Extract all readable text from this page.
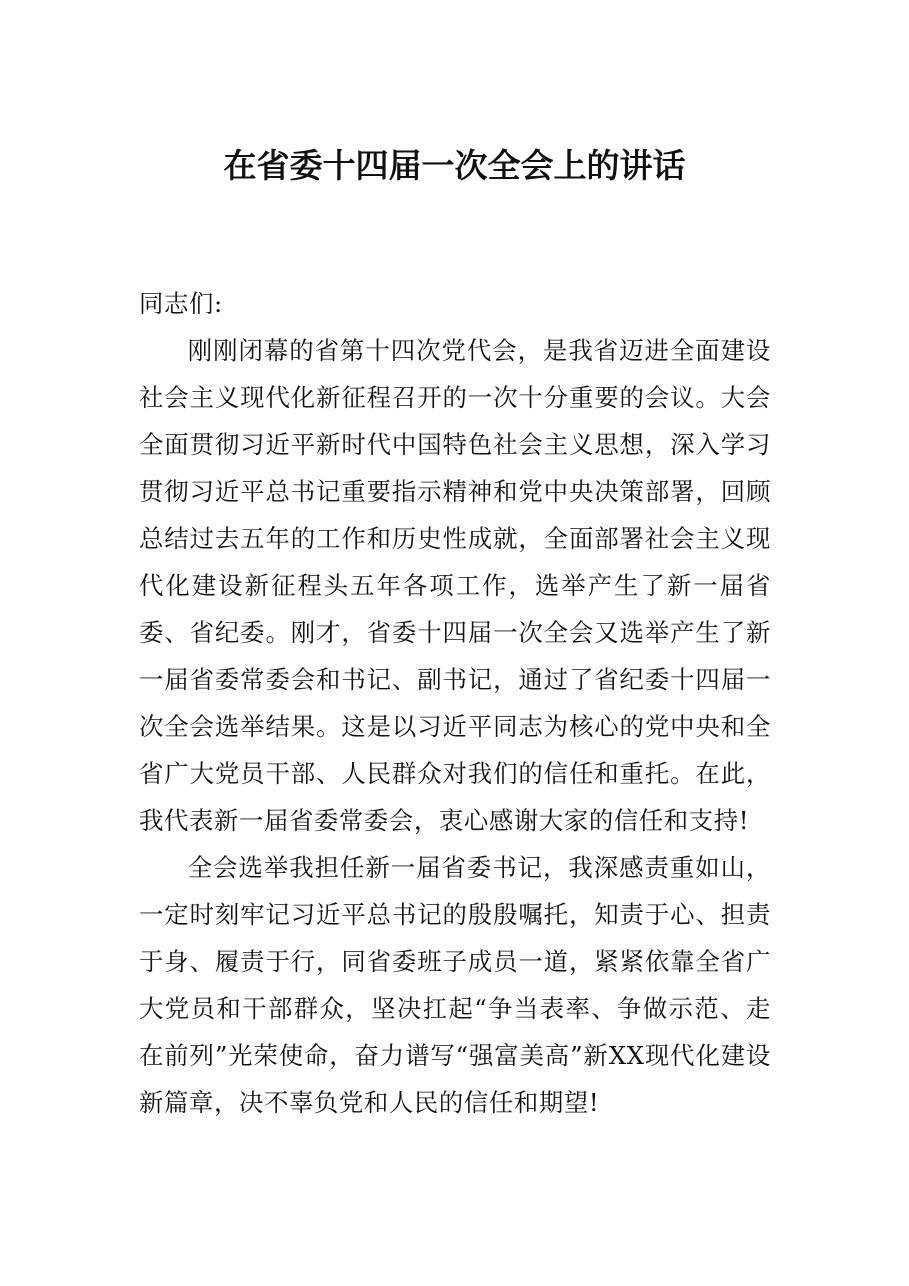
在省委十四届一次全会上的讲话

同志们:

刚刚闭幕的省第十四次党代会，是我省迈进全面建设社会主义现代化新征程召开的一次十分重要的会议。大会全面贯彻习近平新时代中国特色社会主义思想，深入学习贯彻习近平总书记重要指示精神和党中央决策部署，回顾总结过去五年的工作和历史性成就，全面部署社会主义现代化建设新征程头五年各项工作，选举产生了新一届省委、省纪委。刚才，省委十四届一次全会又选举产生了新一届省委常委会和书记、副书记，通过了省纪委十四届一次全会选举结果。这是以习近平同志为核心的党中央和全省广大党员干部、人民群众对我们的信任和重托。在此，我代表新一届省委常委会，衷心感谢大家的信任和支持!

全会选举我担任新一届省委书记，我深感责重如山，一定时刻牢记习近平总书记的殷殷嘱托，知责于心、担责于身、履责于行，同省委班子成员一道，紧紧依靠全省广大党员和干部群众，坚决扛起“争当表率、争做示范、走在前列”光荣使命，奋力谱写“强富美高”新XX现代化建设新篇章，决不辜负党和人民的信任和期望!
